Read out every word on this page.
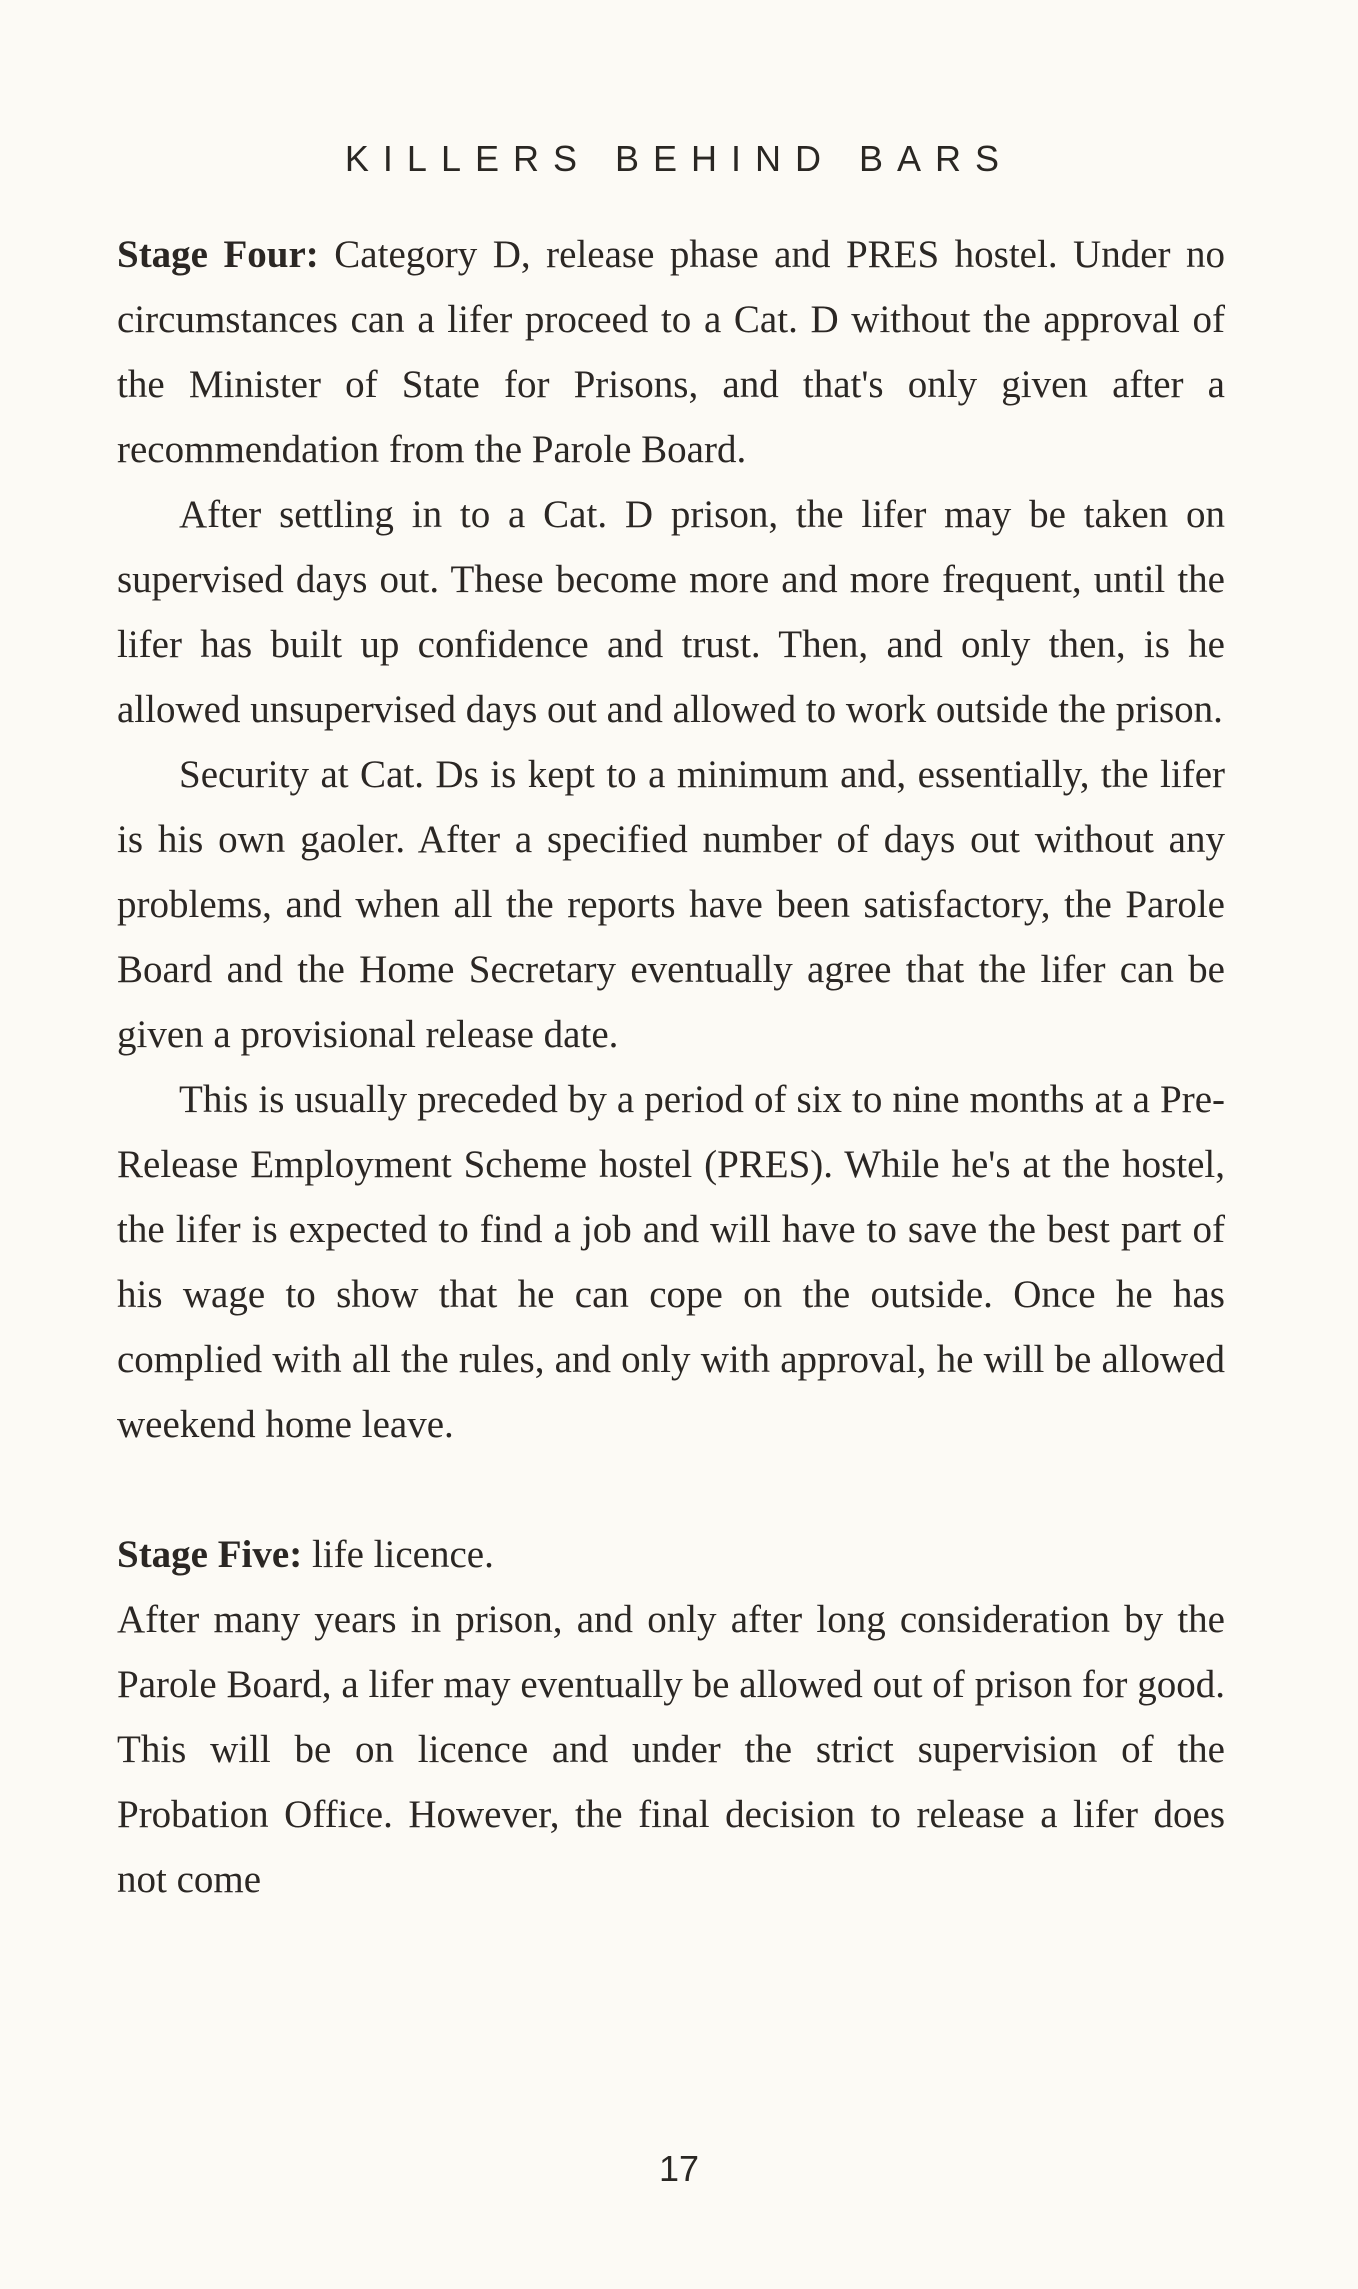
KILLERS BEHIND BARS

Stage Four: Category D, release phase and PRES hostel. Under no circumstances can a lifer proceed to a Cat. D without the approval of the Minister of State for Prisons, and that's only given after a recommendation from the Parole Board.

After settling in to a Cat. D prison, the lifer may be taken on supervised days out. These become more and more frequent, until the lifer has built up confidence and trust. Then, and only then, is he allowed unsupervised days out and allowed to work outside the prison.

Security at Cat. Ds is kept to a minimum and, essentially, the lifer is his own gaoler. After a specified number of days out without any problems, and when all the reports have been satisfactory, the Parole Board and the Home Secretary eventually agree that the lifer can be given a provisional release date.

This is usually preceded by a period of six to nine months at a Pre-Release Employment Scheme hostel (PRES). While he's at the hostel, the lifer is expected to find a job and will have to save the best part of his wage to show that he can cope on the outside. Once he has complied with all the rules, and only with approval, he will be allowed weekend home leave.

Stage Five: life licence.

After many years in prison, and only after long consideration by the Parole Board, a lifer may eventually be allowed out of prison for good. This will be on licence and under the strict supervision of the Probation Office. However, the final decision to release a lifer does not come

17
